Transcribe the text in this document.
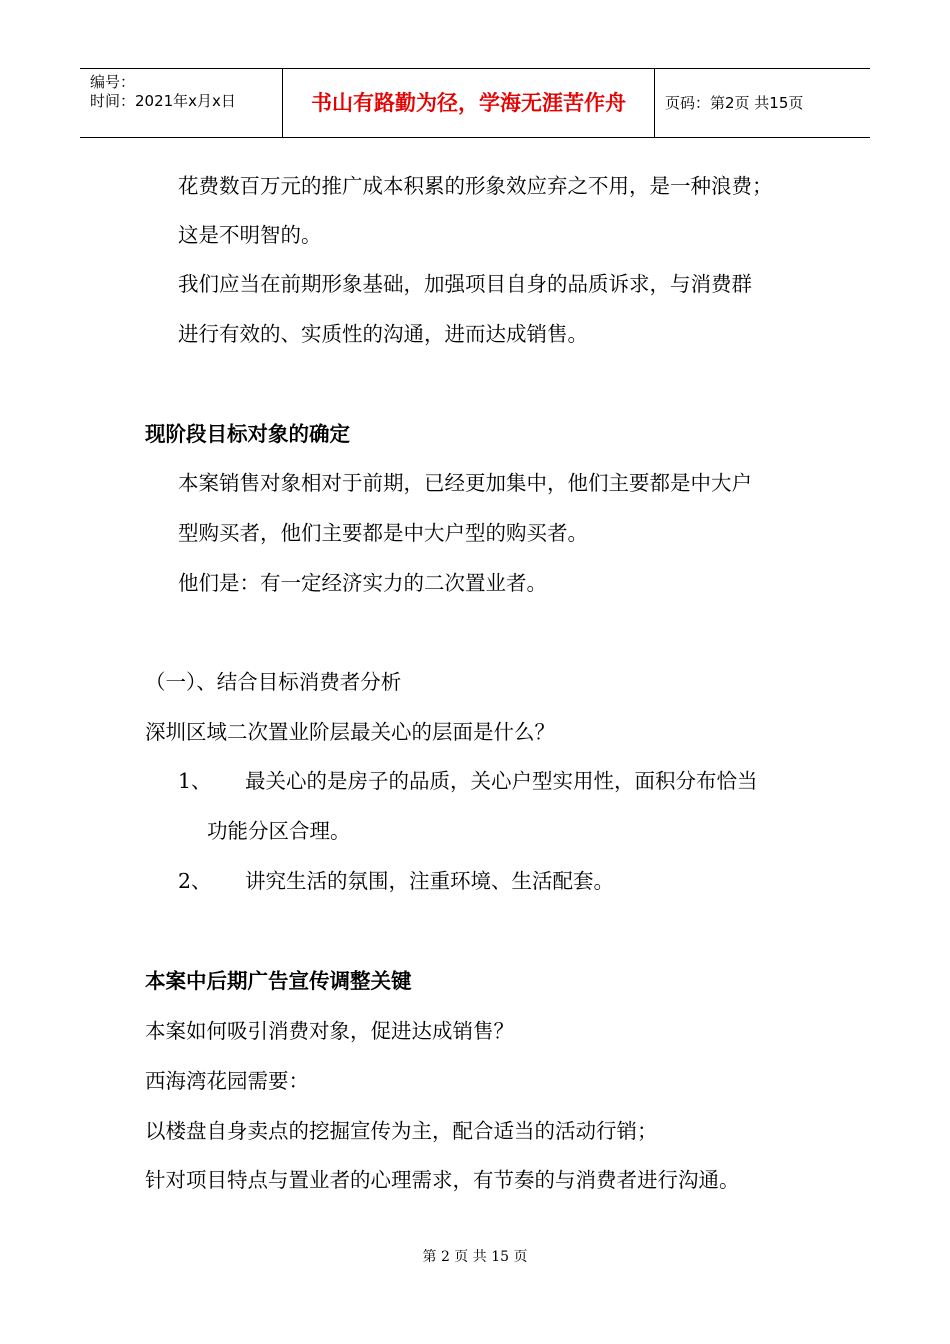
编号：
时间：2021年x月x日	书山有路勤为径，学海无涯苦作舟	页码：第2页 共15页
花费数百万元的推广成本积累的形象效应弃之不用，是一种浪费；
这是不明智的。
我们应当在前期形象基础，加强项目自身的品质诉求，与消费群
进行有效的、实质性的沟通，进而达成销售。
现阶段目标对象的确定
本案销售对象相对于前期，已经更加集中，他们主要都是中大户
型购买者，他们主要都是中大户型的购买者。
他们是：有一定经济实力的二次置业者。
（一）、结合目标消费者分析
深圳区域二次置业阶层最关心的层面是什么？
1、 最关心的是房子的品质，关心户型实用性，面积分布恰当
功能分区合理。
2、 讲究生活的氛围，注重环境、生活配套。
本案中后期广告宣传调整关键
本案如何吸引消费对象，促进达成销售？
西海湾花园需要：
以楼盘自身卖点的挖掘宣传为主，配合适当的活动行销；
针对项目特点与置业者的心理需求，有节奏的与消费者进行沟通。
第 2 页 共 15 页
